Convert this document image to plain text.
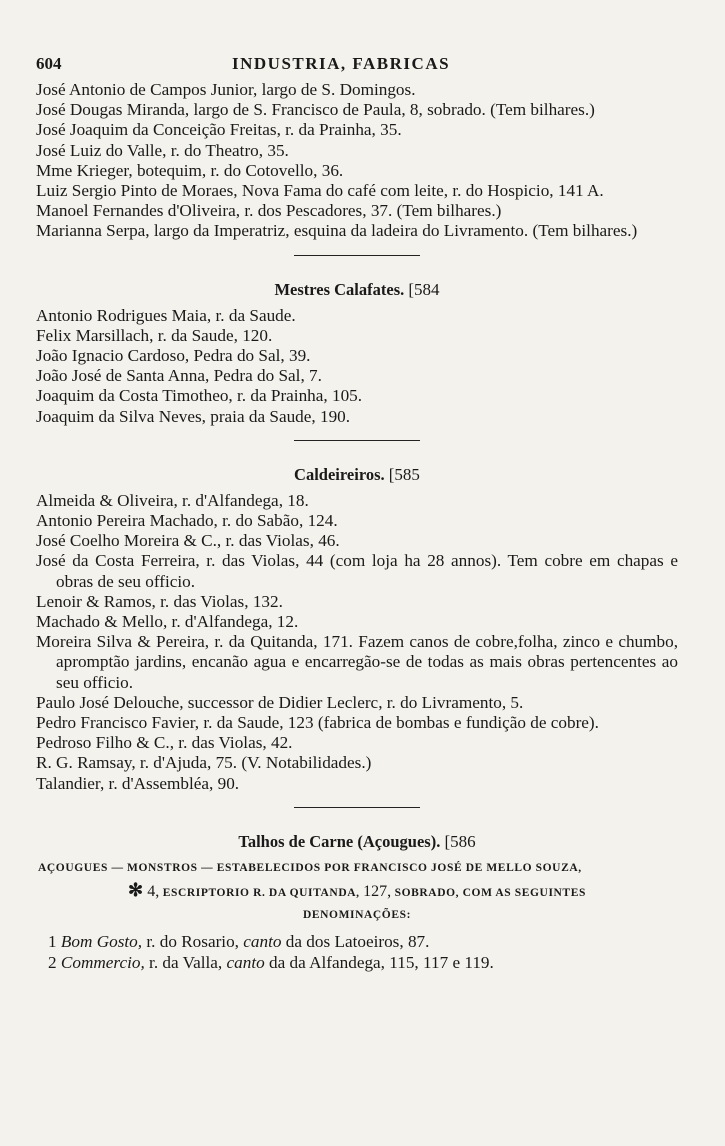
604	INDUSTRIA, FABRICAS
José Antonio de Campos Junior, largo de S. Domingos.
José Dougas Miranda, largo de S. Francisco de Paula, 8, sobrado. (Tem bilhares.)
José Joaquim da Conceição Freitas, r. da Prainha, 35.
José Luiz do Valle, r. do Theatro, 35.
Mme Krieger, botequim, r. do Cotovello, 36.
Luiz Sergio Pinto de Moraes, Nova Fama do café com leite, r. do Hospicio, 141 A.
Manoel Fernandes d'Oliveira, r. dos Pescadores, 37. (Tem bilhares.)
Marianna Serpa, largo da Imperatriz, esquina da ladeira do Livramento. (Tem bilhares.)
Mestres Calafates. [584
Antonio Rodrigues Maia, r. da Saude.
Felix Marsillach, r. da Saude, 120.
João Ignacio Cardoso, Pedra do Sal, 39.
João José de Santa Anna, Pedra do Sal, 7.
Joaquim da Costa Timotheo, r. da Prainha, 105.
Joaquim da Silva Neves, praia da Saude, 190.
Caldeireiros. [585
Almeida & Oliveira, r. d'Alfandega, 18.
Antonio Pereira Machado, r. do Sabão, 124.
José Coelho Moreira & C., r. das Violas, 46.
José da Costa Ferreira, r. das Violas, 44 (com loja ha 28 annos). Tem cobre em chapas e obras de seu officio.
Lenoir & Ramos, r. das Violas, 132.
Machado & Mello, r. d'Alfandega, 12.
Moreira Silva & Pereira, r. da Quitanda, 171. Fazem canos de cobre,folha, zinco e chumbo, apromptão jardins, encanão agua e encarregão-se de todas as mais obras pertencentes ao seu officio.
Paulo José Delouche, successor de Didier Leclerc, r. do Livramento, 5.
Pedro Francisco Favier, r. da Saude, 123 (fabrica de bombas e fundição de cobre).
Pedroso Filho & C., r. das Violas, 42.
R. G. Ramsay, r. d'Ajuda, 75. (V. Notabilidades.)
Talandier, r. d'Assembléa, 90.
Talhos de Carne (Açougues). [586
AÇOUGUES — MONSTROS — ESTABELECIDOS POR FRANCISCO JOSÉ DE MELLO SOUZA,
✻ 4, ESCRIPTORIO R. DA QUITANDA, 127, SOBRADO, COM AS SEGUINTES
DENOMINAÇÕES:
1 Bom Gosto, r. do Rosario, canto da dos Latoeiros, 87.
2 Commercio, r. da Valla, canto da da Alfandega, 115, 117 e 119.
